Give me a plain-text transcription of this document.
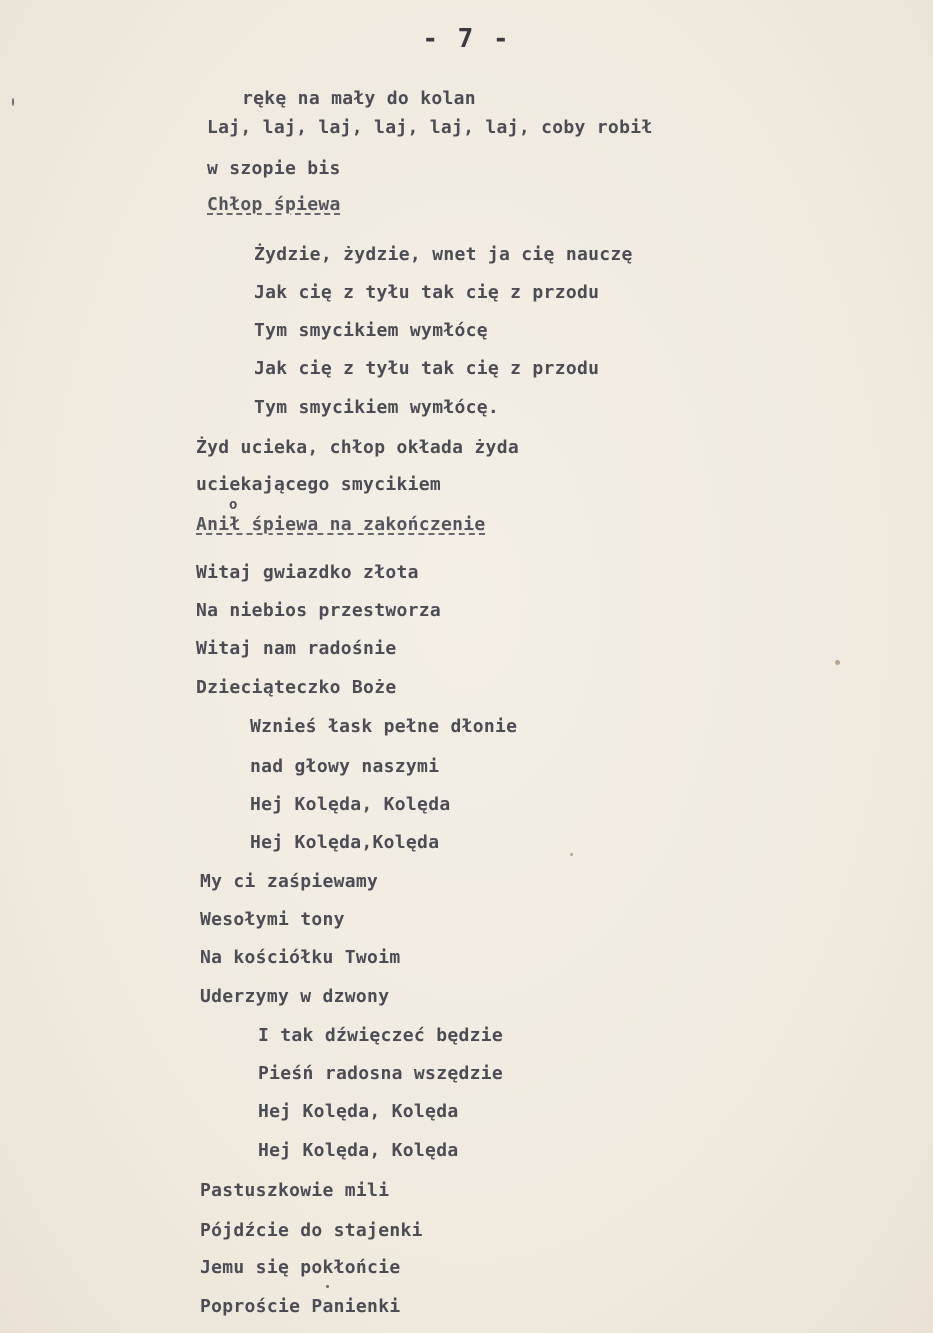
- 7 -
rękę na mały do kolan
Laj, laj, laj, laj, laj, laj, coby robił
w szopie bis
Chłop śpiewa
Żydzie, żydzie, wnet ja cię nauczę
Jak cię z tyłu tak cię z przodu
Tym smycikiem wymłócę
Jak cię z tyłu tak cię z przodu
Tym smycikiem wymłócę.
Żyd ucieka, chłop okłada żyda
uciekającego smycikiem
Anił śpiewa na zakończenie
Witaj gwiazdko złota
Na niebios przestworza
Witaj nam radośnie
Dzieciąteczko Boże
Wznieś łask pełne dłonie
nad głowy naszymi
Hej Kolęda, Kolęda
Hej Kolęda,Kolęda
My ci zaśpiewamy
Wesołymi tony
Na kościółku Twoim
Uderzymy w dzwony
I tak dźwięczeć będzie
Pieśń radosna wszędzie
Hej Kolęda, Kolęda
Hej Kolęda, Kolęda
Pastuszkowie mili
Pójdźcie do stajenki
Jemu się pokłońcie
Poproście Panienki
o
